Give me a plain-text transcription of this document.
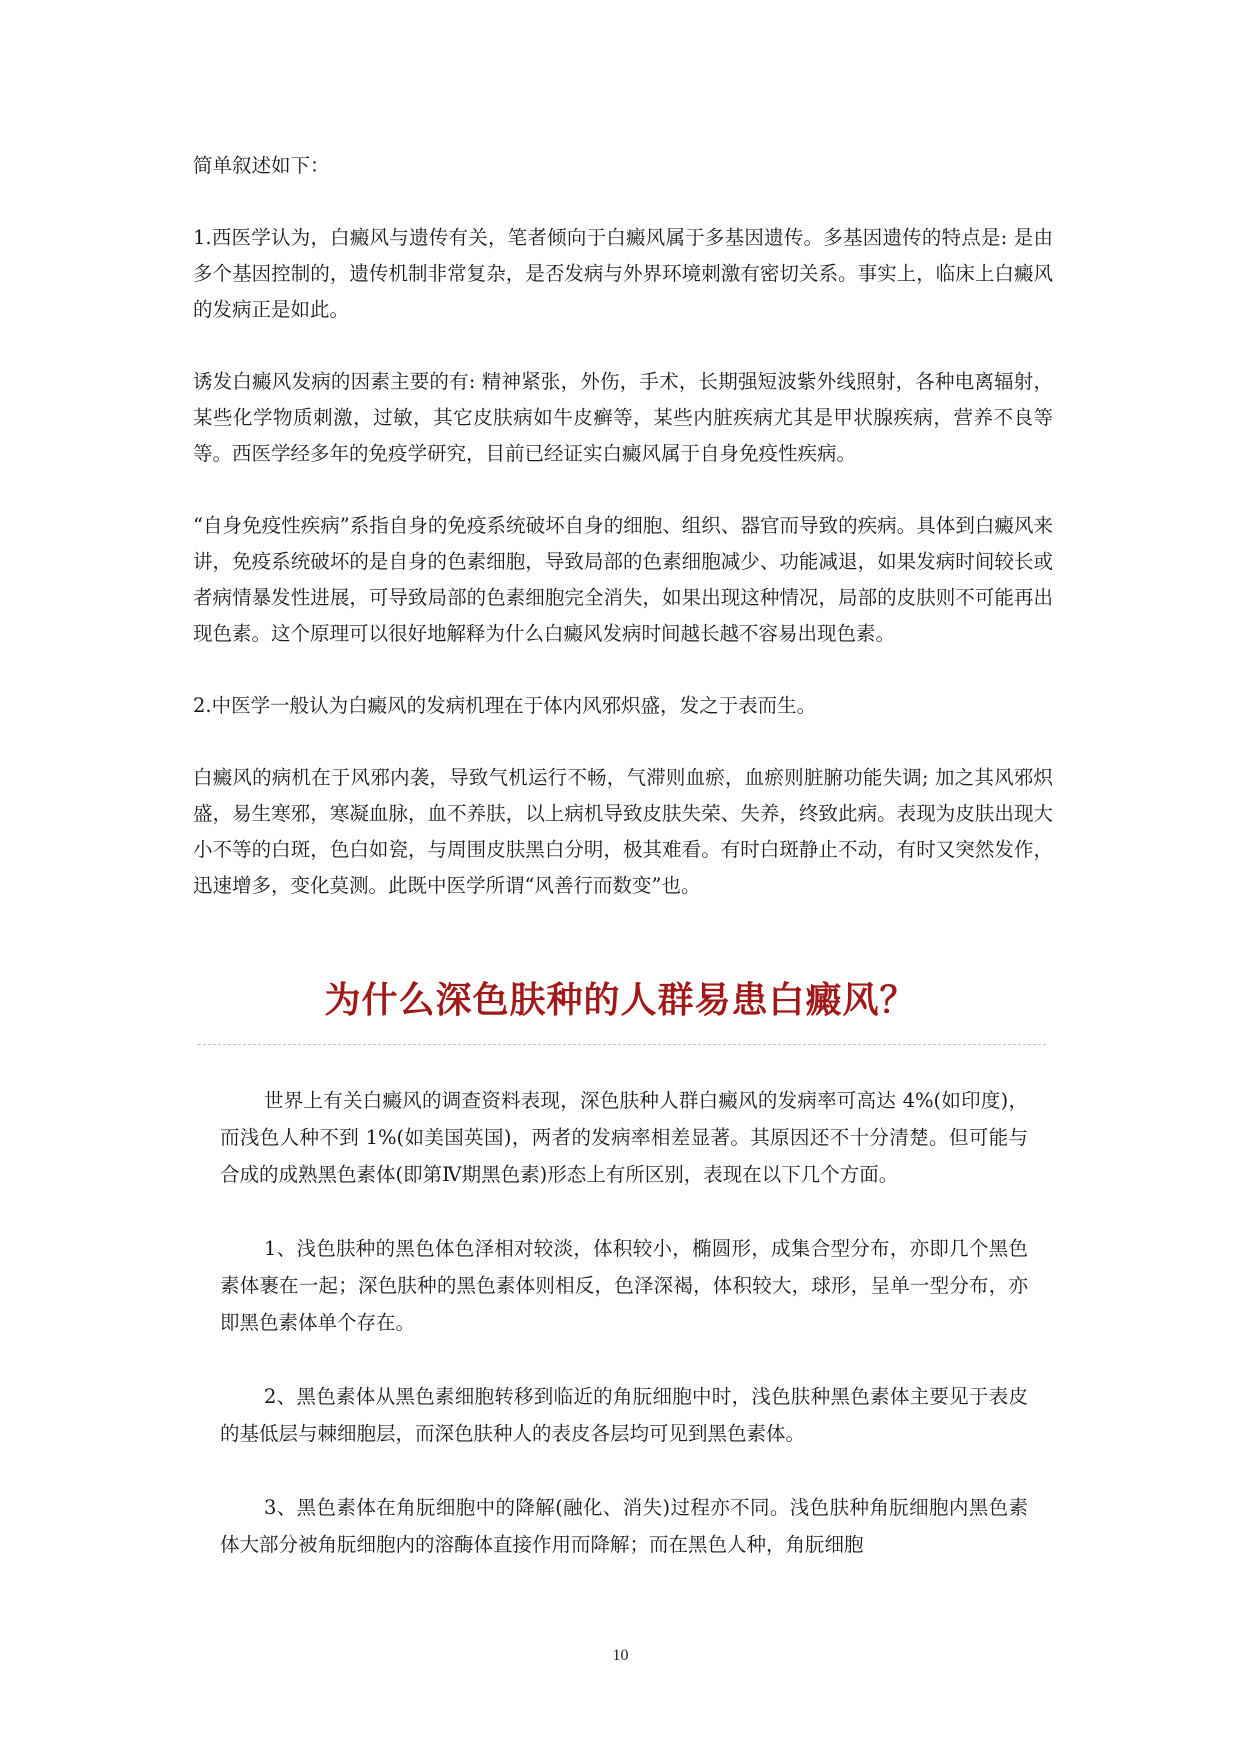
简单叙述如下：

1.西医学认为，白癜风与遗传有关，笔者倾向于白癜风属于多基因遗传。多基因遗传的特点是: 是由多个基因控制的，遗传机制非常复杂，是否发病与外界环境刺激有密切关系。事实上，临床上白癜风的发病正是如此。

诱发白癜风发病的因素主要的有: 精神紧张，外伤，手术，长期强短波紫外线照射，各种电离辐射，某些化学物质刺激，过敏，其它皮肤病如牛皮癣等，某些内脏疾病尤其是甲状腺疾病，营养不良等等。西医学经多年的免疫学研究，目前已经证实白癜风属于自身免疫性疾病。

“自身免疫性疾病”系指自身的免疫系统破坏自身的细胞、组织、器官而导致的疾病。具体到白癜风来讲，免疫系统破坏的是自身的色素细胞，导致局部的色素细胞减少、功能减退，如果发病时间较长或者病情暴发性进展，可导致局部的色素细胞完全消失，如果出现这种情况，局部的皮肤则不可能再出现色素。这个原理可以很好地解释为什么白癜风发病时间越长越不容易出现色素。

2.中医学一般认为白癜风的发病机理在于体内风邪炽盛，发之于表而生。

白癜风的病机在于风邪内袭，导致气机运行不畅，气滞则血瘀，血瘀则脏腑功能失调; 加之其风邪炽盛，易生寒邪，寒凝血脉，血不养肤，以上病机导致皮肤失荣、失养，终致此病。表现为皮肤出现大小不等的白斑，色白如瓷，与周围皮肤黑白分明，极其难看。有时白斑静止不动，有时又突然发作，迅速增多，变化莫测。此既中医学所谓“风善行而数变”也。

为什么深色肤种的人群易患白癜风？

世界上有关白癜风的调查资料表现，深色肤种人群白癜风的发病率可高达 4%(如印度)，而浅色人种不到 1%(如美国英国)，两者的发病率相差显著。其原因还不十分清楚。但可能与合成的成熟黑色素体(即第Ⅳ期黑色素)形态上有所区别，表现在以下几个方面。

1、浅色肤种的黑色体色泽相对较淡，体积较小，椭圆形，成集合型分布，亦即几个黑色素体裹在一起；深色肤种的黑色素体则相反，色泽深褐，体积较大，球形，呈单一型分布，亦即黑色素体单个存在。

2、黑色素体从黑色素细胞转移到临近的角朊细胞中时，浅色肤种黑色素体主要见于表皮的基低层与棘细胞层，而深色肤种人的表皮各层均可见到黑色素体。

3、黑色素体在角朊细胞中的降解(融化、消失)过程亦不同。浅色肤种角朊细胞内黑色素体大部分被角朊细胞内的溶酶体直接作用而降解；而在黑色人种，角朊细胞

10
